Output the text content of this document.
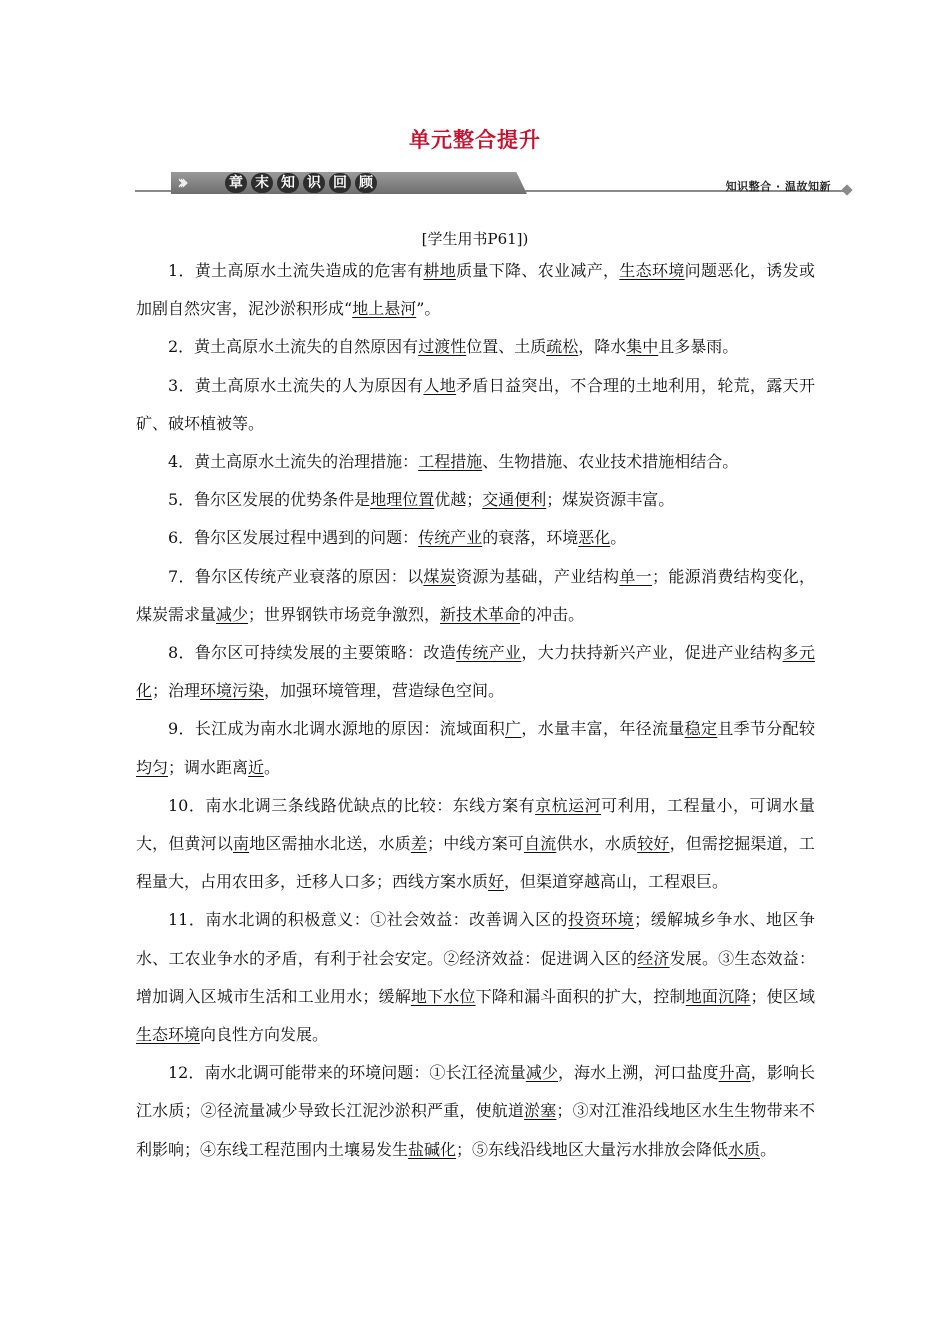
单元整合提升
›››	章 末 知 识 回 顾	知识整合 · 温故知新
[学生用书P61])

1．黄土高原水土流失造成的危害有耕地质量下降、农业减产，生态环境问题恶化，诱发或加剧自然灾害，泥沙淤积形成“地上悬河”。

2．黄土高原水土流失的自然原因有过渡性位置、土质疏松，降水集中且多暴雨。

3．黄土高原水土流失的人为原因有人地矛盾日益突出，不合理的土地利用，轮荒，露天开矿、破坏植被等。

4．黄土高原水土流失的治理措施：工程措施、生物措施、农业技术措施相结合。

5．鲁尔区发展的优势条件是地理位置优越；交通便利；煤炭资源丰富。

6．鲁尔区发展过程中遇到的问题：传统产业的衰落，环境恶化。

7．鲁尔区传统产业衰落的原因：以煤炭资源为基础，产业结构单一；能源消费结构变化，煤炭需求量减少；世界钢铁市场竞争激烈，新技术革命的冲击。

8．鲁尔区可持续发展的主要策略：改造传统产业，大力扶持新兴产业，促进产业结构多元化；治理环境污染，加强环境管理，营造绿色空间。

9．长江成为南水北调水源地的原因：流域面积广，水量丰富，年径流量稳定且季节分配较均匀；调水距离近。

10．南水北调三条线路优缺点的比较：东线方案有京杭运河可利用，工程量小，可调水量大，但黄河以南地区需抽水北送，水质差；中线方案可自流供水，水质较好，但需挖掘渠道，工程量大，占用农田多，迁移人口多；西线方案水质好，但渠道穿越高山，工程艰巨。

11．南水北调的积极意义：①社会效益：改善调入区的投资环境；缓解城乡争水、地区争水、工农业争水的矛盾，有利于社会安定。②经济效益：促进调入区的经济发展。③生态效益：增加调入区城市生活和工业用水；缓解地下水位下降和漏斗面积的扩大，控制地面沉降；使区域生态环境向良性方向发展。

12．南水北调可能带来的环境问题：①长江径流量减少，海水上溯，河口盐度升高，影响长江水质；②径流量减少导致长江泥沙淤积严重，使航道淤塞；③对江淮沿线地区水生生物带来不利影响；④东线工程范围内土壤易发生盐碱化；⑤东线沿线地区大量污水排放会降低水质。
